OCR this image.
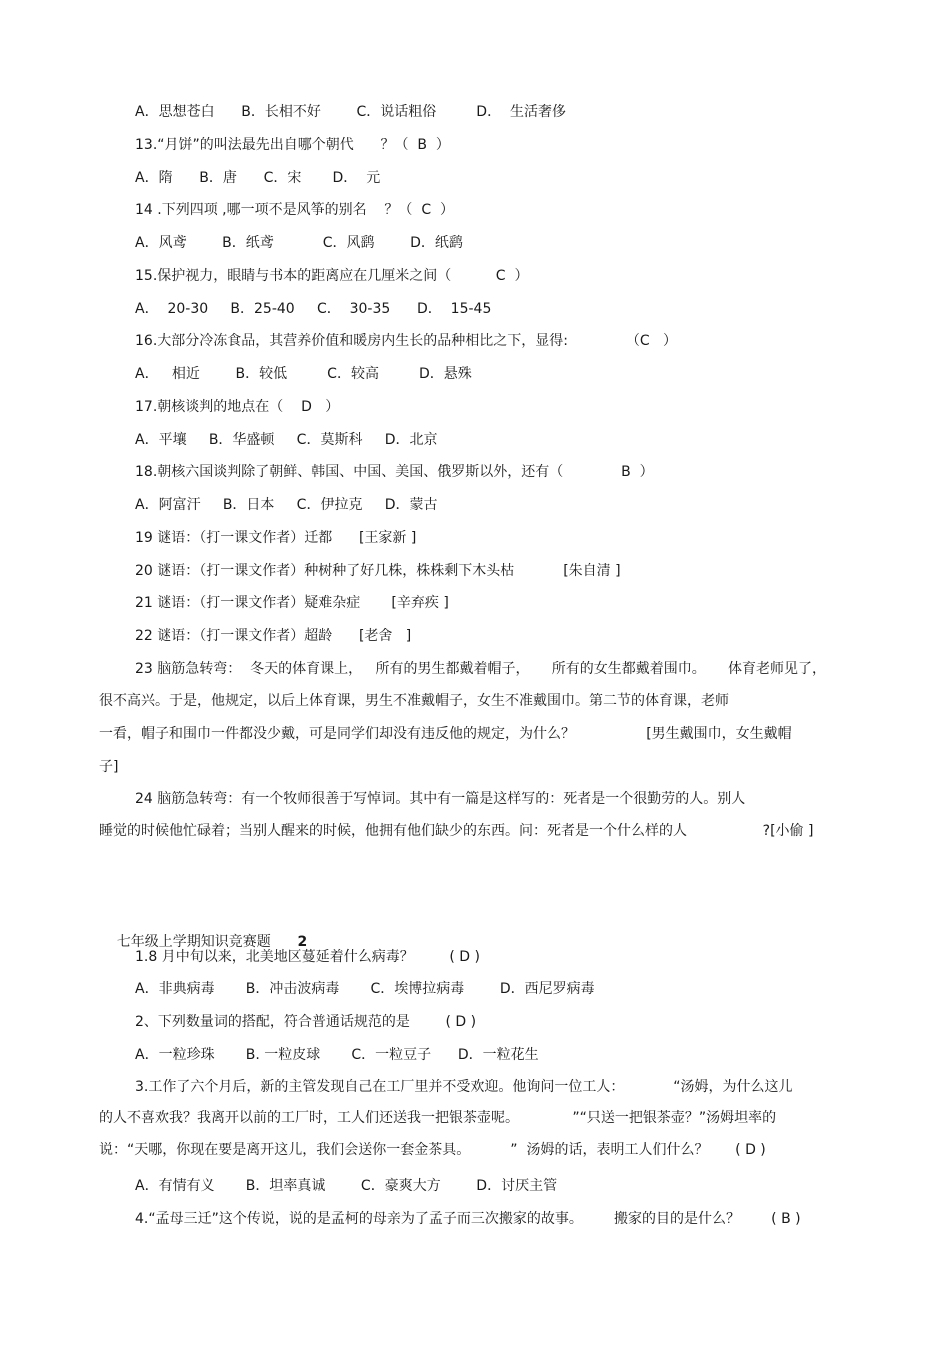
A．思想苍白      B．长相不好        C．说话粗俗         D．  生活奢侈
13.“月饼”的叫法最先出自哪个朝代      ？（  B  ）
A．隋      B．唐      C．宋       D．  元
14 .下列四项 ,哪一项不是风筝的别名    ？（  C  ）
A．风鸢        B．纸鸢           C．风鹞        D．纸鹞
15.保护视力，眼睛与书本的距离应在几厘米之间（          C  ）
A．  20-30     B．25-40     C．  30-35      D．  15-45
16.大部分冷冻食品，其营养价值和暖房内生长的品种相比之下，显得:             （C   ）
A．   相近        B．较低         C．较高         D．悬殊
17.朝核谈判的地点在（    D   ）
A．平壤     B．华盛顿     C．莫斯科     D．北京
18.朝核六国谈判除了朝鲜、韩国、中国、美国、俄罗斯以外，还有（             B  ）
A．阿富汗     B．日本     C．伊拉克     D．蒙古
19 谜语：（打一课文作者）迁都      [王家新 ]
20 谜语：（打一课文作者）种树种了好几株，株株剩下木头枯           [朱自清 ]
21 谜语：（打一课文作者）疑难杂症       [辛弃疾 ]
22 谜语：（打一课文作者）超龄      [老舍   ]
23 脑筋急转弯：  冬天的体育课上，   所有的男生都戴着帽子，     所有的女生都戴着围巾。     体育老师见了，
很不高兴。于是，他规定，以后上体育课，男生不准戴帽子，女生不准戴围巾。第二节的体育课，老师
一看，帽子和围巾一件都没少戴，可是同学们却没有违反他的规定，为什么？                [男生戴围巾，女生戴帽
子]
24 脑筋急转弯：有一个牧师很善于写悼词。其中有一篇是这样写的：死者是一个很勤劳的人。别人
睡觉的时候他忙碌着；当别人醒来的时候，他拥有他们缺少的东西。问：死者是一个什么样的人                 ?[小偷 ]

七年级上学期知识竞赛题      2

1.8 月中旬以来，北美地区蔓延着什么病毒？        ( D )
A．非典病毒       B．冲击波病毒       C．埃博拉病毒        D．西尼罗病毒
2、下列数量词的搭配，符合普通话规范的是        ( D )
A．一粒珍珠       B. 一粒皮球       C．一粒豆子      D．一粒花生
3.工作了六个月后，新的主管发现自己在工厂里并不受欢迎。他询问一位工人：           “汤姆，为什么这儿
的人不喜欢我？我离开以前的工厂时，工人们还送我一把银茶壶呢。            ”“只送一把银茶壶？”汤姆坦率的
说：“天哪，你现在要是离开这儿，我们会送你一套金茶具。         ”  汤姆的话，表明工人们什么？      ( D )
A．有情有义       B．坦率真诚        C．豪爽大方        D．讨厌主管
4.“孟母三迁”这个传说，说的是孟柯的母亲为了孟子而三次搬家的故事。       搬家的目的是什么？       ( B )
